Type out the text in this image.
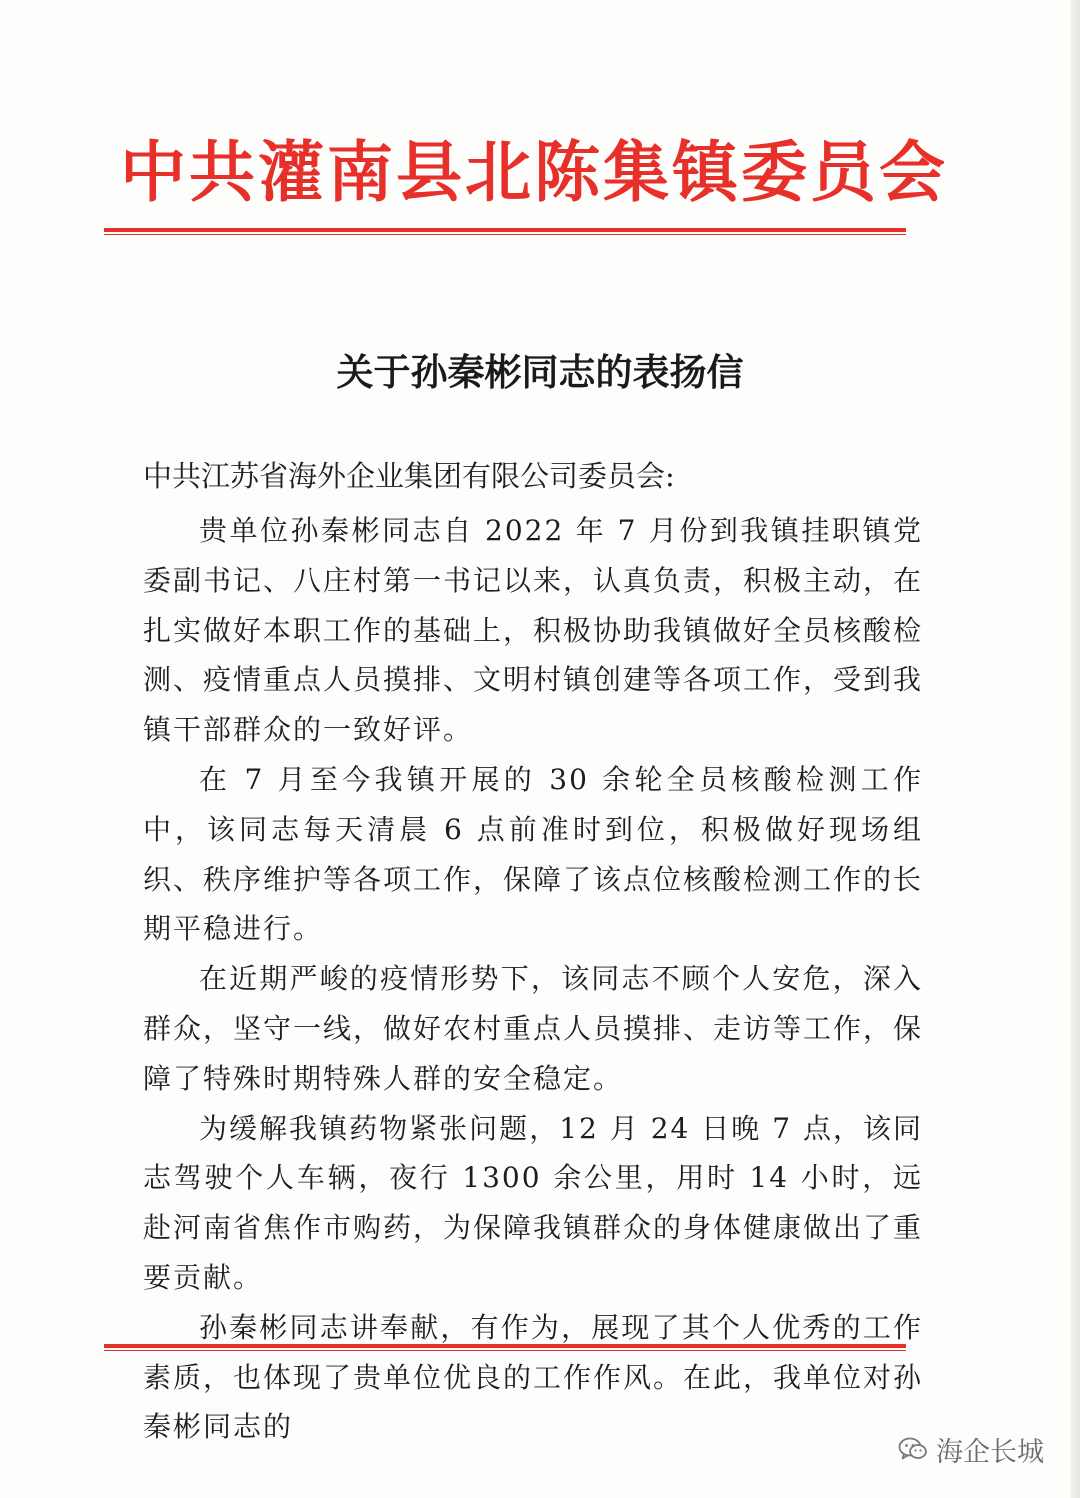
中共灌南县北陈集镇委员会
关于孙秦彬同志的表扬信

中共江苏省海外企业集团有限公司委员会:

贵单位孙秦彬同志自 2022 年 7 月份到我镇挂职镇党委副书记、八庄村第一书记以来，认真负责，积极主动，在扎实做好本职工作的基础上，积极协助我镇做好全员核酸检测、疫情重点人员摸排、文明村镇创建等各项工作，受到我镇干部群众的一致好评。

在 7 月至今我镇开展的 30 余轮全员核酸检测工作中，该同志每天清晨 6 点前准时到位，积极做好现场组织、秩序维护等各项工作，保障了该点位核酸检测工作的长期平稳进行。

在近期严峻的疫情形势下，该同志不顾个人安危，深入群众，坚守一线，做好农村重点人员摸排、走访等工作，保障了特殊时期特殊人群的安全稳定。

为缓解我镇药物紧张问题，12 月 24 日晚 7 点，该同志驾驶个人车辆，夜行 1300 余公里，用时 14 小时，远赴河南省焦作市购药，为保障我镇群众的身体健康做出了重要贡献。

孙秦彬同志讲奉献，有作为，展现了其个人优秀的工作素质，也体现了贵单位优良的工作作风。在此，我单位对孙秦彬同志的

海企长城
